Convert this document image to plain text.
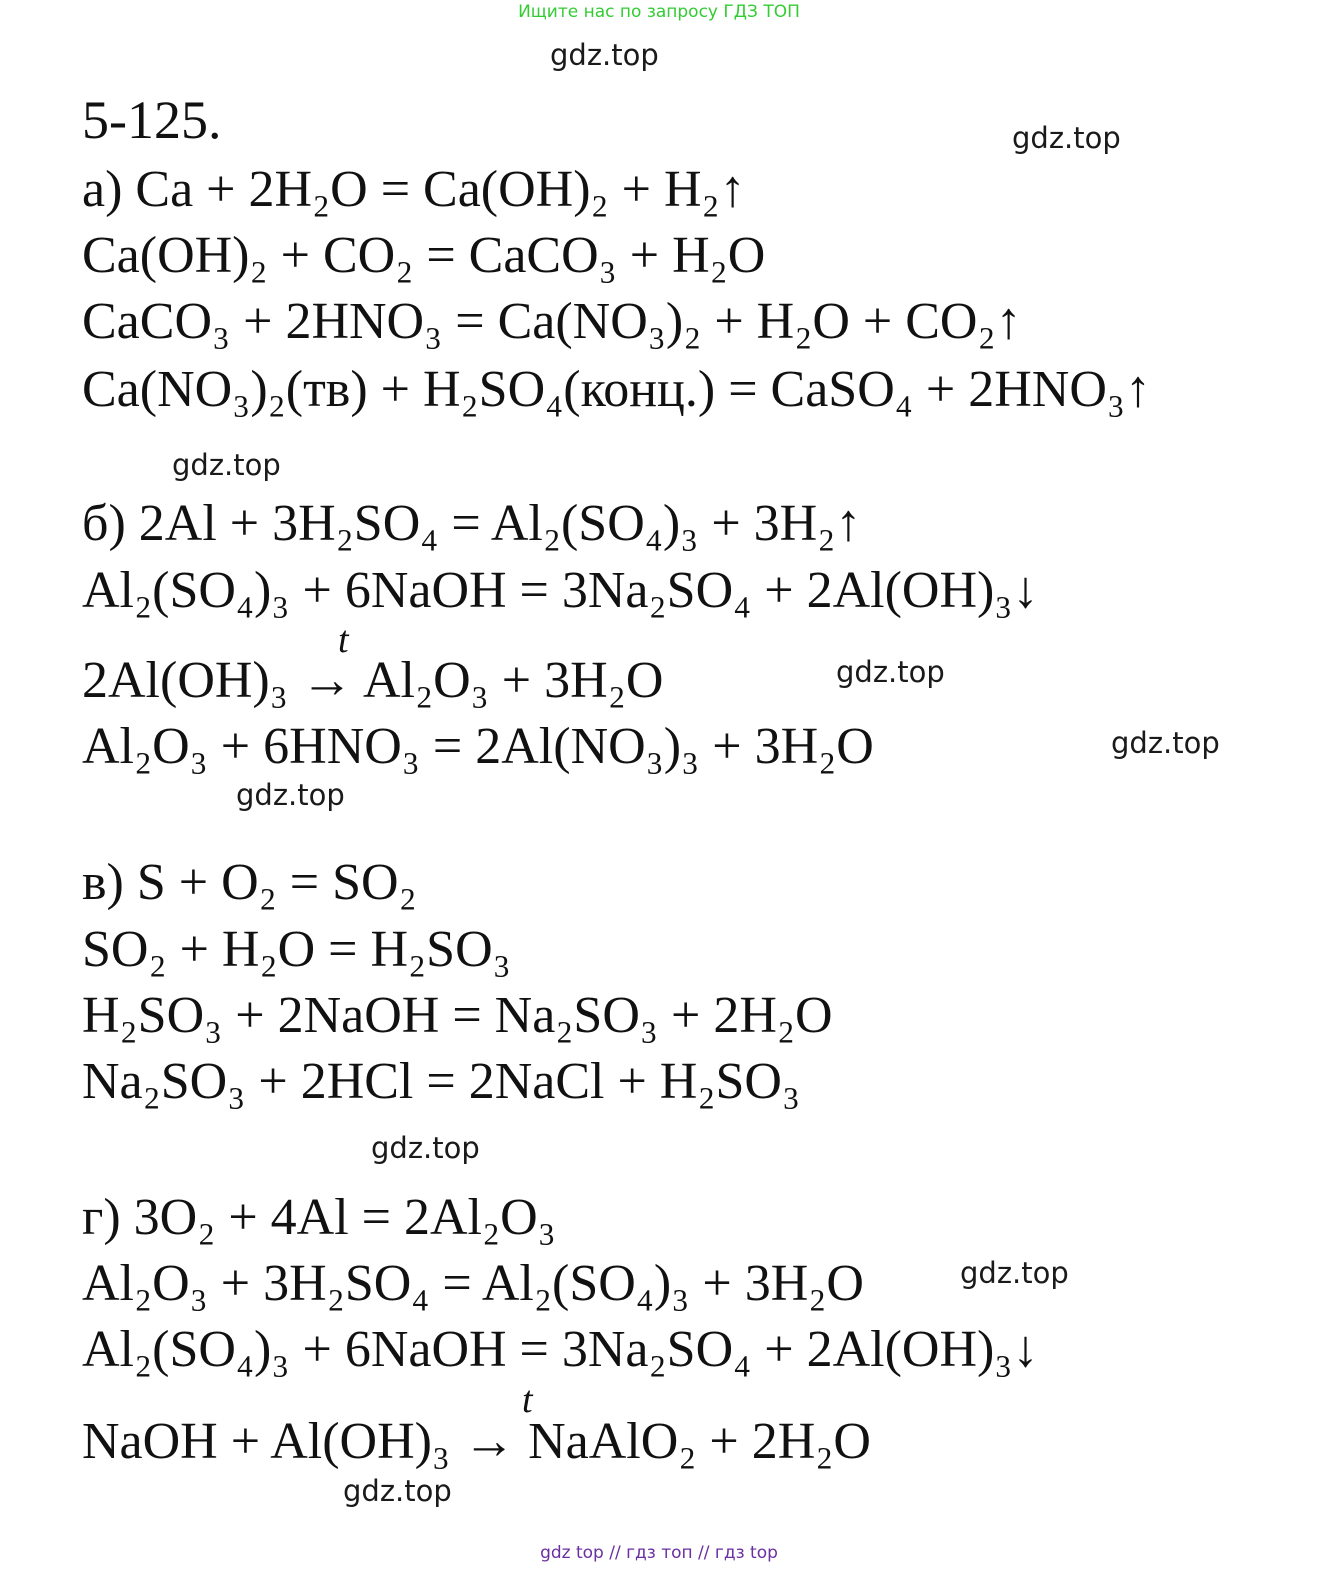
Ищите нас по запросу ГДЗ ТОП
gdz.top
gdz.top
gdz.top
gdz.top
gdz.top
gdz.top
gdz.top
gdz.top
gdz.top
5-125.
а) Ca + 2H₂O = Ca(OH)₂ + H₂↑
Ca(OH)₂ + CO₂ = CaCO₃ + H₂O
CaCO₃ + 2HNO₃ = Ca(NO₃)₂ + H₂O + CO₂↑
Ca(NO₃)₂(тв) + H₂SO₄(конц.) = CaSO₄ + 2HNO₃↑
б) 2Al + 3H₂SO₄ = Al₂(SO₄)₃ + 3H₂↑
Al₂(SO₄)₃ + 6NaOH = 3Na₂SO₄ + 2Al(OH)₃↓
t
2Al(OH)₃ → Al₂O₃ + 3H₂O
Al₂O₃ + 6HNO₃ = 2Al(NO₃)₃ + 3H₂O
в) S + O₂ = SO₂
SO₂ + H₂O = H₂SO₃
H₂SO₃ + 2NaOH = Na₂SO₃ + 2H₂O
Na₂SO₃ + 2HCl = 2NaCl + H₂SO₃
г) 3O₂ + 4Al = 2Al₂O₃
Al₂O₃ + 3H₂SO₄ = Al₂(SO₄)₃ + 3H₂O
Al₂(SO₄)₃ + 6NaOH = 3Na₂SO₄ + 2Al(OH)₃↓
t
NaOH + Al(OH)₃ → NaAlO₂ + 2H₂O
gdz top // гдз топ // гдз top
